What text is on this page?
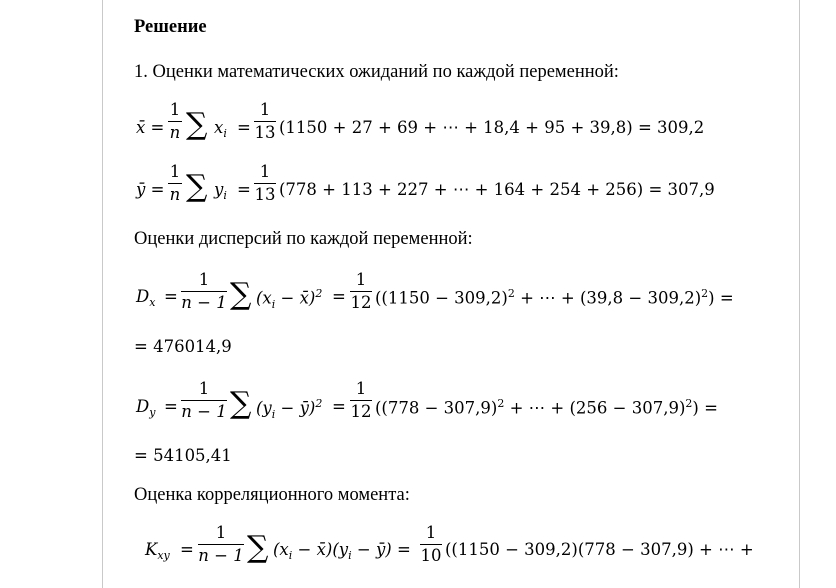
Решение
1. Оценки математических ожиданий по каждой переменной:
x̄ =
1
n ∑ $x_i$ =
1
13 (1150 + 27 + 69 + ⋯ + 18,4 + 95 + 39,8) = 309,2
ȳ =
1
n ∑ $y_i$ =
1
13 (778 + 113 + 227 + ⋯ + 164 + 254 + 256) = 307,9
Оценки дисперсий по каждой переменной:
$D_x$ =
1
n − 1 ∑ ($x_i$ − x̄)$^2$ =
1
12 ($(1150 - 309,2)^2$ + ⋯ + $(39,8 - 309,2)^2$) =
= 476014,9
$D_y$ =
1
n − 1 ∑ ($y_i$ − ȳ)$^2$ =
1
12 ($(778 - 307,9)^2$ + ⋯ + $(256 - 307,9)^2$) =
= 54105,41
Оценка корреляционного момента:
$K_{xy}$ =
1
n − 1 ∑ ($x_i$ − $x̄)(y_i$ − ȳ) =
1
10 ((1150 − 309,2)(778 − 307,9) + ⋯ +
